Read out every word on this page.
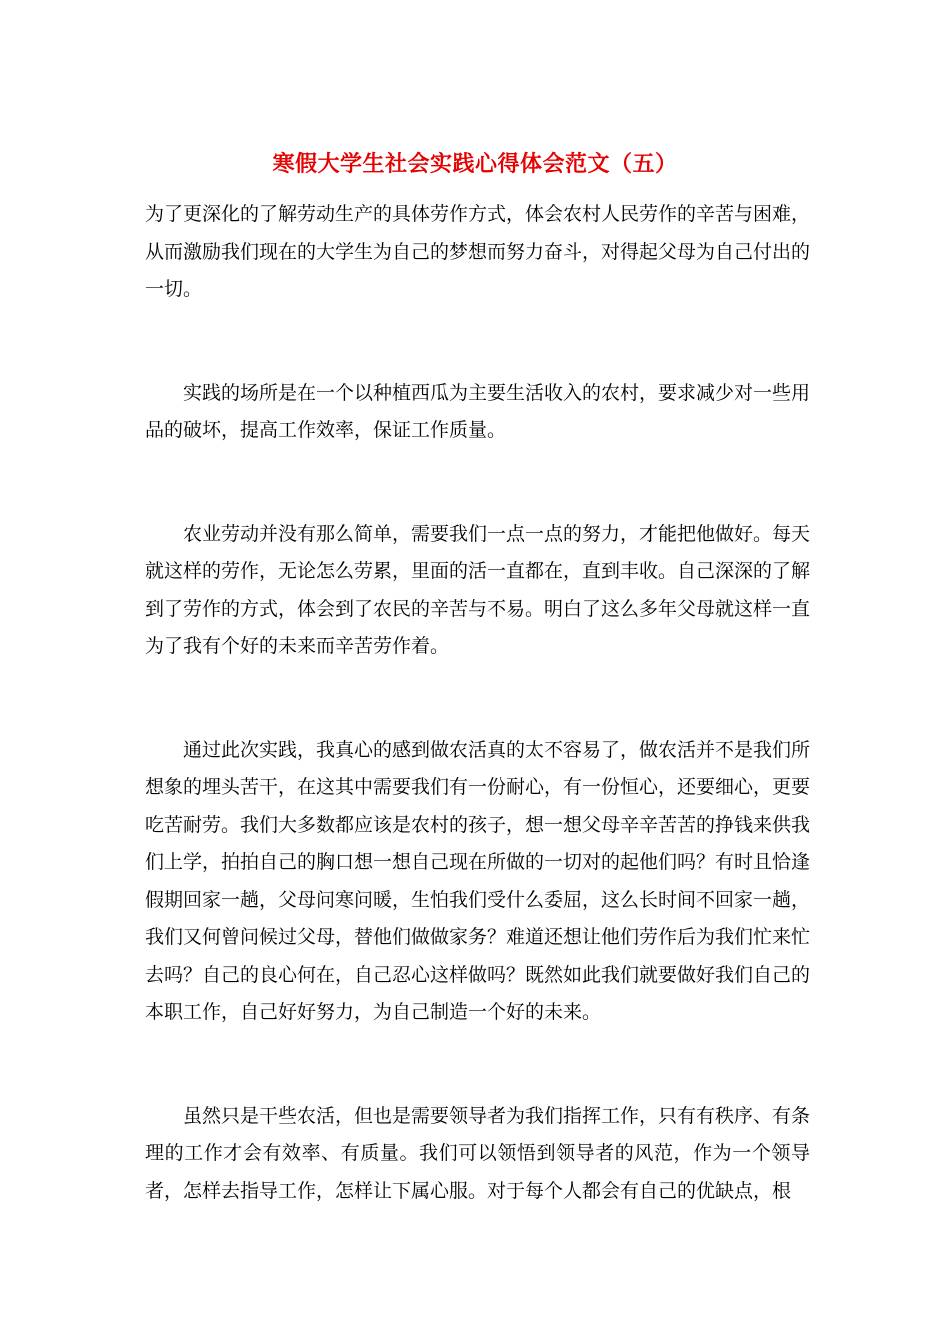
寒假大学生社会实践心得体会范文（五）

为了更深化的了解劳动生产的具体劳作方式，体会农村人民劳作的辛苦与困难，从而激励我们现在的大学生为自己的梦想而努力奋斗，对得起父母为自己付出的一切。

实践的场所是在一个以种植西瓜为主要生活收入的农村，要求减少对一些用品的破坏，提高工作效率，保证工作质量。

农业劳动并没有那么简单，需要我们一点一点的努力，才能把他做好。每天就这样的劳作，无论怎么劳累，里面的活一直都在，直到丰收。自己深深的了解到了劳作的方式，体会到了农民的辛苦与不易。明白了这么多年父母就这样一直为了我有个好的未来而辛苦劳作着。

通过此次实践，我真心的感到做农活真的太不容易了，做农活并不是我们所想象的埋头苦干，在这其中需要我们有一份耐心，有一份恒心，还要细心，更要吃苦耐劳。我们大多数都应该是农村的孩子，想一想父母辛辛苦苦的挣钱来供我们上学，拍拍自己的胸口想一想自己现在所做的一切对的起他们吗？有时且恰逢假期回家一趟，父母问寒问暖，生怕我们受什么委屈，这么长时间不回家一趟，我们又何曾问候过父母，替他们做做家务？难道还想让他们劳作后为我们忙来忙去吗？自己的良心何在，自己忍心这样做吗？既然如此我们就要做好我们自己的本职工作，自己好好努力，为自己制造一个好的未来。

虽然只是干些农活，但也是需要领导者为我们指挥工作，只有有秩序、有条理的工作才会有效率、有质量。我们可以领悟到领导者的风范，作为一个领导者，怎样去指导工作，怎样让下属心服。对于每个人都会有自己的优缺点，根
